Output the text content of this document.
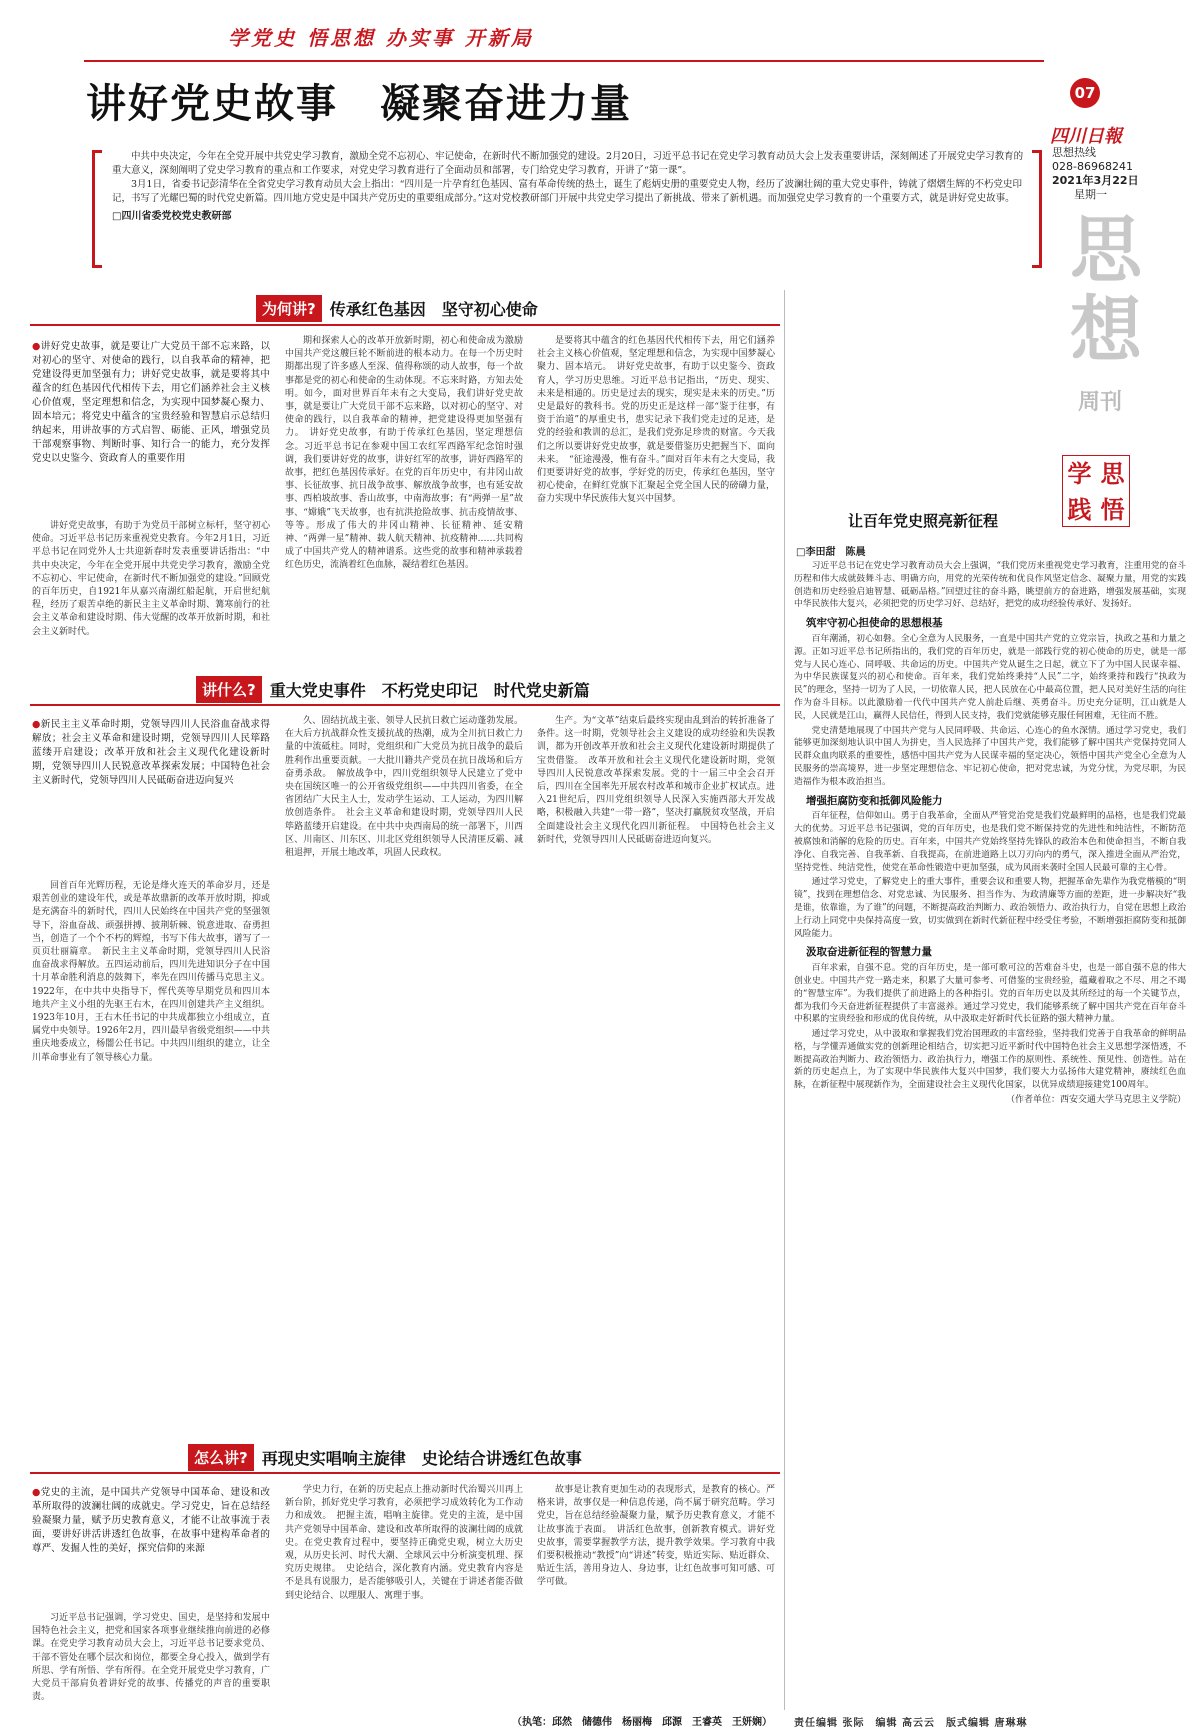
学党史 悟思想 办实事 开新局
讲好党史故事　凝聚奋进力量

中共中央决定，今年在全党开展中共党史学习教育，激励全党不忘初心、牢记使命，在新时代不断加强党的建设。2月20日，习近平总书记在党史学习教育动员大会上发表重要讲话，深刻阐述了开展党史学习教育的重大意义，深刻阐明了党史学习教育的重点和工作要求，对党史学习教育进行了全面动员和部署，专门给党史学习教育，开讲了“第一课”。

3月1日，省委书记彭清华在全省党史学习教育动员大会上指出：“四川是一片孕育红色基因、富有革命传统的热土，诞生了彪炳史册的重要党史人物，经历了波澜壮阔的重大党史事件，铸就了熠熠生辉的不朽党史印记，书写了光耀巴蜀的时代党史新篇。四川地方党史是中国共产党历史的重要组成部分。”这对党校教研部门开展中共党史学习提出了新挑战、带来了新机遇。而加强党史学习教育的一个重要方式，就是讲好党史故事。

□四川省委党校党史教研部
07
四川日報
思想热线
028-86968241
2021年3月22日
星期一
思
想
周刊
学 思
践 悟
为何讲? 传承红色基因　坚守初心使命
●讲好党史故事，就是要让广大党员干部不忘来路，以对初心的坚守、对使命的践行，以自我革命的精神，把党建设得更加坚强有力；讲好党史故事，就是要将其中蕴含的红色基因代代相传下去，用它们涵养社会主义核心价值观，坚定理想和信念，为实现中国梦凝心聚力、固本培元；将党史中蕴含的宝贵经验和智慧启示总结归纳起来，用讲故事的方式启智、砺能、正风，增强党员干部观察事物、判断时事、知行合一的能力，充分发挥党史以史鉴今、资政育人的重要作用

讲好党史故事，有助于为党员干部树立标杆，坚守初心使命。习近平总书记历来重视党史教育。今年2月1日，习近平总书记在同党外人士共迎新春时发表重要讲话指出：“中共中央决定，今年在全党开展中共党史学习教育，激励全党不忘初心、牢记使命，在新时代不断加强党的建设。”回顾党的百年历史，自1921年从嘉兴南湖红船起航，开启世纪航程，经历了艰苦卓绝的新民主主义革命时期、篝寒前行的社会主义革命和建设时期、伟大觉醒的改革开放新时期，和社会主义新时代。

期和探索人心的改革开放新时期，初心和使命成为激励中国共产党这艘巨轮不断前进的根本动力。在每一个历史时期都出现了许多感人至深、值得称颂的动人故事，每一个故事都是党的初心和使命的生动体现。不忘来时路，方知去处明。如今，面对世界百年未有之大变局，我们讲好党史故事，就是要让广大党员干部不忘来路，以对初心的坚守、对使命的践行，以自我革命的精神，把党建设得更加坚强有力。　讲好党史故事，有助于传承红色基因，坚定理想信念。习近平总书记在参观中国工农红军西路军纪念馆时强调，我们要讲好党的故事，讲好红军的故事，讲好西路军的故事，把红色基因传承好。在党的百年历史中，有井冈山故事、长征故事、抗日战争故事、解放战争故事，也有延安故事、西柏坡故事、香山故事，中南海故事；有“两弹一星”故事、“嫦娥”飞天故事，也有抗洪抢险故事、抗击疫情故事、等等。形成了伟大的井冈山精神、长征精神、延安精神、“两弹一星”精神、载人航天精神、抗疫精神……共同构成了中国共产党人的精神谱系。这些党的故事和精神承载着红色历史，流淌着红色血脉，凝结着红色基因。

是要将其中蕴含的红色基因代代相传下去，用它们涵养社会主义核心价值观，坚定理想和信念，为实现中国梦凝心聚力、固本培元。　讲好党史故事，有助于以史鉴今、资政育人，学习历史思维。习近平总书记指出，“历史、现实、未来是相通的。历史是过去的现实，现实是未来的历史。”历史是最好的教科书。党的历史正是这样一部“鉴于往事，有资于治道”的厚重史书，患实记录下我们党走过的足迹，是党的经验和教训的总汇，是我们党弥足珍贵的财富。今天我们之所以要讲好党史故事，就是要借鉴历史把握当下、面向未来。　“征途漫漫，惟有奋斗。”面对百年未有之大变局，我们更要讲好党的故事，学好党的历史，传承红色基因，坚守初心使命，在鲜红党旗下汇聚起全党全国人民的磅礴力量，奋力实现中华民族伟大复兴中国梦。

讲什么? 重大党史事件　不朽党史印记　时代党史新篇
●新民主主义革命时期，党领导四川人民浴血奋战求得解放；社会主义革命和建设时期，党领导四川人民筚路蓝缕开启建设；改革开放和社会主义现代化建设新时期，党领导四川人民锐意改革探索发展；中国特色社会主义新时代，党领导四川人民砥砺奋进迈向复兴

回首百年光辉历程，无论是烽火连天的革命岁月，还是艰苦创业的建设年代，或是革故鼎新的改革开放时期，抑或是充满奋斗的新时代，四川人民始终在中国共产党的坚强领导下，浴血奋战、顽强拼搏、披荆斩棘、锐意进取、奋勇担当，创造了一个个不朽的辉煌，书写下伟大故事，谱写了一页页壮丽篇章。　新民主主义革命时期，党领导四川人民浴血奋战求得解放。五四运动前后，四川先进知识分子在中国十月革命胜利消息的鼓舞下，率先在四川传播马克思主义。1922年，在中共中央指导下，恽代英等早期党员和四川本地共产主义小组的先驱王右木，在四川创建共产主义组织。1923年10月，王右木任书记的中共成都独立小组成立，直属党中央领导。1926年2月，四川最早省级党组织——中共重庆地委成立，杨闇公任书记。中共四川组织的建立，让全川革命事业有了领导核心力量。

久、固结抗战主张、领导人民抗日救亡运动蓬勃发展。在大后方抗战群众性支援抗战的热潮，成为全川抗日救亡力量的中流砥柱。同时，党组织和广大党员为抗日战争的最后胜利作出重要贡献。一大批川籍共产党员在抗日战场和后方奋勇杀敌。　解放战争中，四川党组织领导人民建立了党中央在国统区唯一的公开省级党组织——中共四川省委，在全省团结广大民主人士，发动学生运动、工人运动，为四川解放创造条件。　社会主义革命和建设时期，党领导四川人民筚路蓝缕开启建设。在中共中央西南局的统一部署下，川西区、川南区、川东区、川北区党组织领导人民清匪反霸、减租退押，开展土地改革，巩固人民政权。

生产。为“文革”结束后最终实现由乱到治的转折准备了条件。这一时期，党领导社会主义建设的成功经验和失误教训，都为开创改革开放和社会主义现代化建设新时期提供了宝贵借鉴。　改革开放和社会主义现代化建设新时期，党领导四川人民锐意改革探索发展。党的十一届三中全会召开后，四川在全国率先开展农村改革和城市企业扩权试点。进入21世纪后，四川党组织领导人民深入实施西部大开发战略，积极融入共建“一带一路”，坚决打赢脱贫攻坚战，开启全面建设社会主义现代化四川新征程。　中国特色社会主义新时代，党领导四川人民砥砺奋进迈向复兴。

怎么讲? 再现史实唱响主旋律　史论结合讲透红色故事
●党史的主流，是中国共产党领导中国革命、建设和改革所取得的波澜壮阔的成就史。学习党史，旨在总结经验凝聚力量，赋予历史教育意义，才能不让故事流于表面，要讲好讲活讲透红色故事，在故事中建构革命者的尊严、发掘人性的美好，探究信仰的来源

习近平总书记强调，学习党史、国史，是坚持和发展中国特色社会主义，把党和国家各项事业继续推向前进的必修课。在党史学习教育动员大会上，习近平总书记要求党员、干部不管处在哪个层次和岗位，都要全身心投入，做到学有所思、学有所悟、学有所得。在全党开展党史学习教育，广大党员干部肩负着讲好党的故事、传播党的声音的重要职责。

学史力行，在新的历史起点上推动新时代治蜀兴川再上新台阶，抓好党史学习教育，必须把学习成效转化为工作动力和成效。　把握主流，唱响主旋律。党史的主流，是中国共产党领导中国革命、建设和改革所取得的波澜壮阔的成就史。在党史教育过程中，要坚持正确党史观，树立大历史观，从历史长河、时代大潮、全球风云中分析演变机理、探究历史规律。　史论结合，深化教育内涵。党史教育内容是不是具有说服力，是否能够吸引人，关键在于讲述者能否做到史论结合、以理服人、寓理于事。

故事是让教育更加生动的表现形式，是教育的核心。严格来讲，故事仅是一种信息传递，尚不属于研究范畴。学习党史，旨在总结经验凝聚力量，赋予历史教育意义，才能不让故事流于表面。　讲活红色故事，创新教育模式。讲好党史故事，需要掌握教学方法，提升教学效果。学习教育中我们要积极推动“教授”向“讲述”转变，贴近实际、贴近群众、贴近生活，善用身边人、身边事，让红色故事可知可感、可学可做。

（执笔：邱然　储德伟　杨丽梅　邱源　王睿英　王妍娴）
让百年党史照亮新征程
□李田甜　陈晨

习近平总书记在党史学习教育动员大会上强调，“我们党历来重视党史学习教育，注重用党的奋斗历程和伟大成就鼓舞斗志、明确方向，用党的光荣传统和优良作风坚定信念、凝聚力量，用党的实践创造和历史经验启迪智慧、砥砺品格。”回望过往的奋斗路，眺望前方的奋进路，增强发展基础，实现中华民族伟大复兴，必须把党的历史学习好、总结好，把党的成功经验传承好、发扬好。

筑牢守初心担使命的思想根基

百年潮涌，初心如磐。全心全意为人民服务，一直是中国共产党的立党宗旨，执政之基和力量之源。正如习近平总书记所指出的，我们党的百年历史，就是一部践行党的初心使命的历史，就是一部党与人民心连心、同呼吸、共命运的历史。中国共产党从诞生之日起，就立下了为中国人民谋幸福、为中华民族谋复兴的初心和使命。百年来，我们党始终秉持“人民”二字，始终秉持和践行“执政为民”的理念，坚持一切为了人民，一切依靠人民，把人民放在心中最高位置，把人民对美好生活的向往作为奋斗目标。以此激励着一代代中国共产党人前赴后继、英勇奋斗。历史充分证明，江山就是人民，人民就是江山，赢得人民信任，得到人民支持，我们党就能够克服任何困难，无往而不胜。

党史清楚地展现了中国共产党与人民同呼吸、共命运、心连心的鱼水深情。通过学习党史，我们能够更加深刻地认识中国人为拼史，当人民选择了中国共产党，我们能够了解中国共产党保持党同人民群众血肉联系的重要性，感悟中国共产党为人民谋幸福的坚定决心，领悟中国共产党全心全意为人民服务的崇高境界，进一步坚定理想信念、牢记初心使命，把对党忠诚，为党分忧，为党尽职，为民造福作为根本政治担当。

增强拒腐防变和抵御风险能力

百年征程，信仰如山。勇于自我革命，全面从严管党治党是我们党最鲜明的品格，也是我们党最大的优势。习近平总书记强调，党的百年历史，也是我们党不断保持党的先进性和纯洁性，不断防范被腐蚀和消解的危险的历史。百年来，中国共产党始终坚持先锋队的政治本色和使命担当，不断自我净化、自我完善、自我革新、自我提高，在前进道路上以刀刃向内的勇气，深入推进全面从严治党，坚持党性、纯洁党性，使党在革命性锻造中更加坚强，成为风雨来袭时全国人民最可靠的主心骨。

通过学习党史，了解党史上的重大事件，重要会议和重要人物，把握革命先辈作为我党楷模的“明镜”，找到在理想信念、对党忠诚、为民服务、担当作为、为政清廉等方面的差距，进一步解决好“我是谁，依靠谁，为了谁”的问题，不断提高政治判断力、政治领悟力、政治执行力，自觉在思想上政治上行动上同党中央保持高度一致，切实做到在新时代新征程中经受住考验，不断增强拒腐防变和抵御风险能力。

汲取奋进新征程的智慧力量

百年求索，自强不息。党的百年历史，是一部可歌可泣的苦难奋斗史，也是一部自强不息的伟大创业史。中国共产党一路走来，积累了大量可参考、可借鉴的宝贵经验，蕴藏着取之不尽、用之不竭的“智慧宝库”。为我们提供了前进路上的各种指引。党的百年历史以及其所经过的每一个关键节点，都为我们今天奋进新征程提供了丰富滋养。通过学习党史，我们能够系统了解中国共产党在百年奋斗中积累的宝贵经验和形成的优良传统，从中汲取走好新时代长征路的强大精神力量。

通过学习党史，从中汲取和掌握我们党治国理政的丰富经验，坚持我们党善于自我革命的鲜明品格，与学懂弄通做实党的创新理论相结合，切实把习近平新时代中国特色社会主义思想学深悟透，不断提高政治判断力、政治领悟力、政治执行力，增强工作的原则性、系统性、预见性、创造性。站在新的历史起点上，为了实现中华民族伟大复兴中国梦，我们要大力弘扬伟大建党精神，赓续红色血脉，在新征程中展现新作为，全面建设社会主义现代化国家，以优异成绩迎接建党100周年。

（作者单位：西安交通大学马克思主义学院）
责任编辑 张际　编辑 高云云　版式编辑 唐琳琳
